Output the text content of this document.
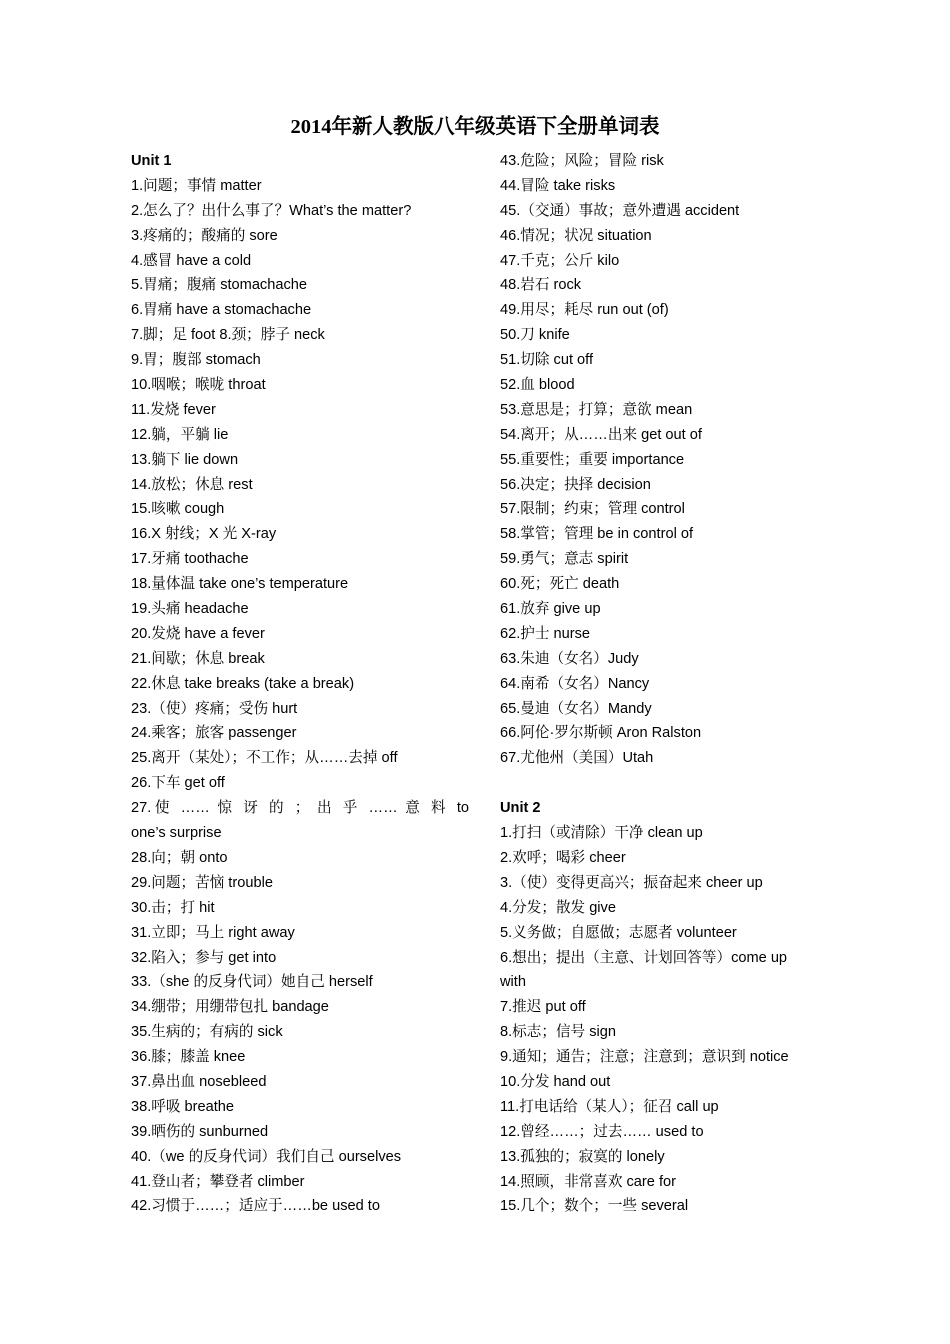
2014年新人教版八年级英语下全册单词表
Unit 1
1.问题；事情 matter
2.怎么了？出什么事了？What’s the matter?
3.疼痛的；酸痛的 sore
4.感冒 have a cold
5.胃痛；腹痛 stomachache
6.胃痛 have a stomachache
7.脚；足 foot 8.颈；脖子 neck
9.胃；腹部 stomach
10.咽喉；喉咙 throat
11.发烧 fever
12.躺，平躺 lie
13.躺下 lie down
14.放松；休息 rest
15.咳嗽 cough
16.X 射线；X 光 X-ray
17.牙痛 toothache
18.量体温 take one’s temperature
19.头痛 headache
20.发烧 have a fever
21.间歇；休息 break
22.休息 take breaks (take a break)
23.（使）疼痛；受伤 hurt
24.乘客；旅客 passenger
25.离开（某处）；不工作；从……去掉 off
26.下车 get off
27.使 …… 惊 讶 的 ； 出 乎 …… 意 料 to
one’s surprise
28.向；朝 onto
29.问题；苦恼 trouble
30.击；打 hit
31.立即；马上 right away
32.陷入；参与 get into
33.（she 的反身代词）她自己 herself
34.绷带；用绷带包扎 bandage
35.生病的；有病的 sick
36.膝；膝盖 knee
37.鼻出血 nosebleed
38.呼吸 breathe
39.晒伤的 sunburned
40.（we 的反身代词）我们自己 ourselves
41.登山者；攀登者 climber
42.习惯于……；适应于……be used to
43.危险；风险；冒险 risk
44.冒险 take risks
45.（交通）事故；意外遭遇 accident
46.情况；状况 situation
47.千克；公斤 kilo
48.岩石 rock
49.用尽；耗尽 run out (of)
50.刀 knife
51.切除 cut off
52.血 blood
53.意思是；打算；意欲 mean
54.离开；从……出来 get out of
55.重要性；重要 importance
56.决定；抉择 decision
57.限制；约束；管理 control
58.掌管；管理 be in control of
59.勇气；意志 spirit
60.死；死亡 death
61.放弃 give up
62.护士 nurse
63.朱迪（女名）Judy
64.南希（女名）Nancy
65.曼迪（女名）Mandy
66.阿伦·罗尔斯顿 Aron Ralston
67.尤他州（美国）Utah
Unit 2
1.打扫（或清除）干净 clean up
2.欢呼；喝彩 cheer
3.（使）变得更高兴；振奋起来 cheer up
4.分发；散发 give
5.义务做；自愿做；志愿者 volunteer
6.想出；提出（主意、计划回答等）come up
with
7.推迟 put off
8.标志；信号 sign
9.通知；通告；注意；注意到；意识到 notice
10.分发 hand out
11.打电话给（某人）；征召 call up
12.曾经……；过去…… used to
13.孤独的；寂寞的 lonely
14.照顾，非常喜欢 care for
15.几个；数个；一些 several
